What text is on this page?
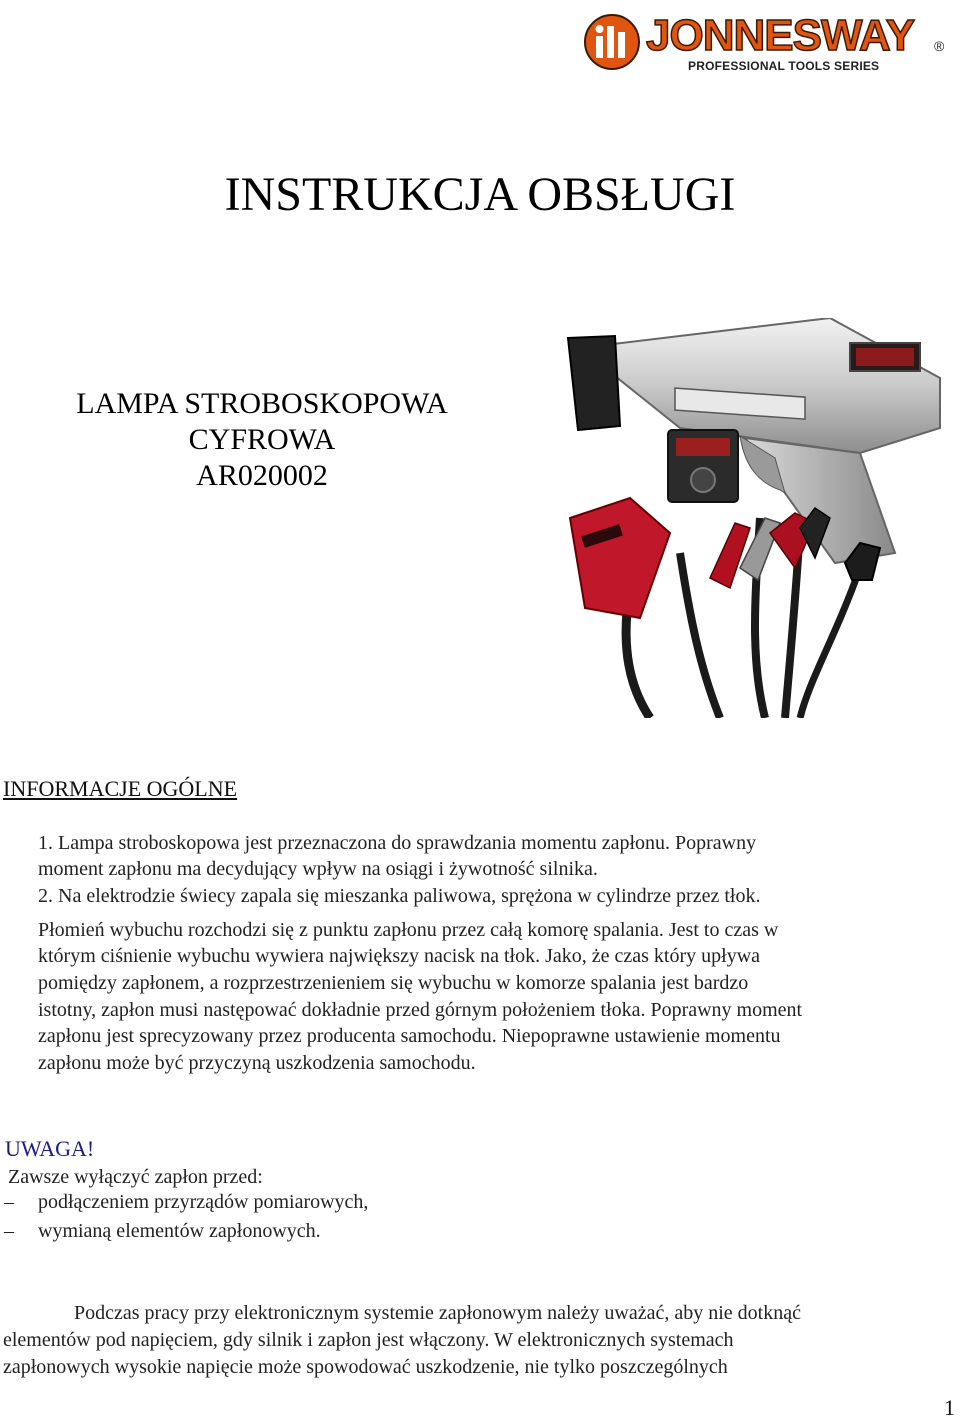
JONNESWAY ®
PROFESSIONAL TOOLS SERIES
INSTRUKCJA OBSŁUGI
LAMPA STROBOSKOPOWA
CYFROWA
AR020002
INFORMACJE OGÓLNE
1. Lampa stroboskopowa jest przeznaczona do sprawdzania momentu zapłonu. Poprawny
moment zapłonu ma decydujący wpływ na osiągi i żywotność silnika.
2. Na elektrodzie świecy zapala się mieszanka paliwowa, sprężona w cylindrze przez tłok.
Płomień wybuchu rozchodzi się z punktu zapłonu przez całą komorę spalania. Jest to czas w
którym ciśnienie wybuchu wywiera największy nacisk na tłok. Jako, że czas który upływa
pomiędzy zapłonem, a rozprzestrzenieniem się wybuchu w komorze spalania jest bardzo
istotny, zapłon musi następować dokładnie przed górnym położeniem tłoka. Poprawny moment
zapłonu jest sprecyzowany przez producenta samochodu. Niepoprawne ustawienie momentu
zapłonu może być przyczyną uszkodzenia samochodu.
UWAGA!
Zawsze wyłączyć zapłon przed:
– podłączeniem przyrządów pomiarowych,
– wymianą elementów zapłonowych.
Podczas pracy przy elektronicznym systemie zapłonowym należy uważać, aby nie dotknąć
elementów pod napięciem, gdy silnik i zapłon jest włączony. W elektronicznych systemach
zapłonowych wysokie napięcie może spowodować uszkodzenie, nie tylko poszczególnych
1
